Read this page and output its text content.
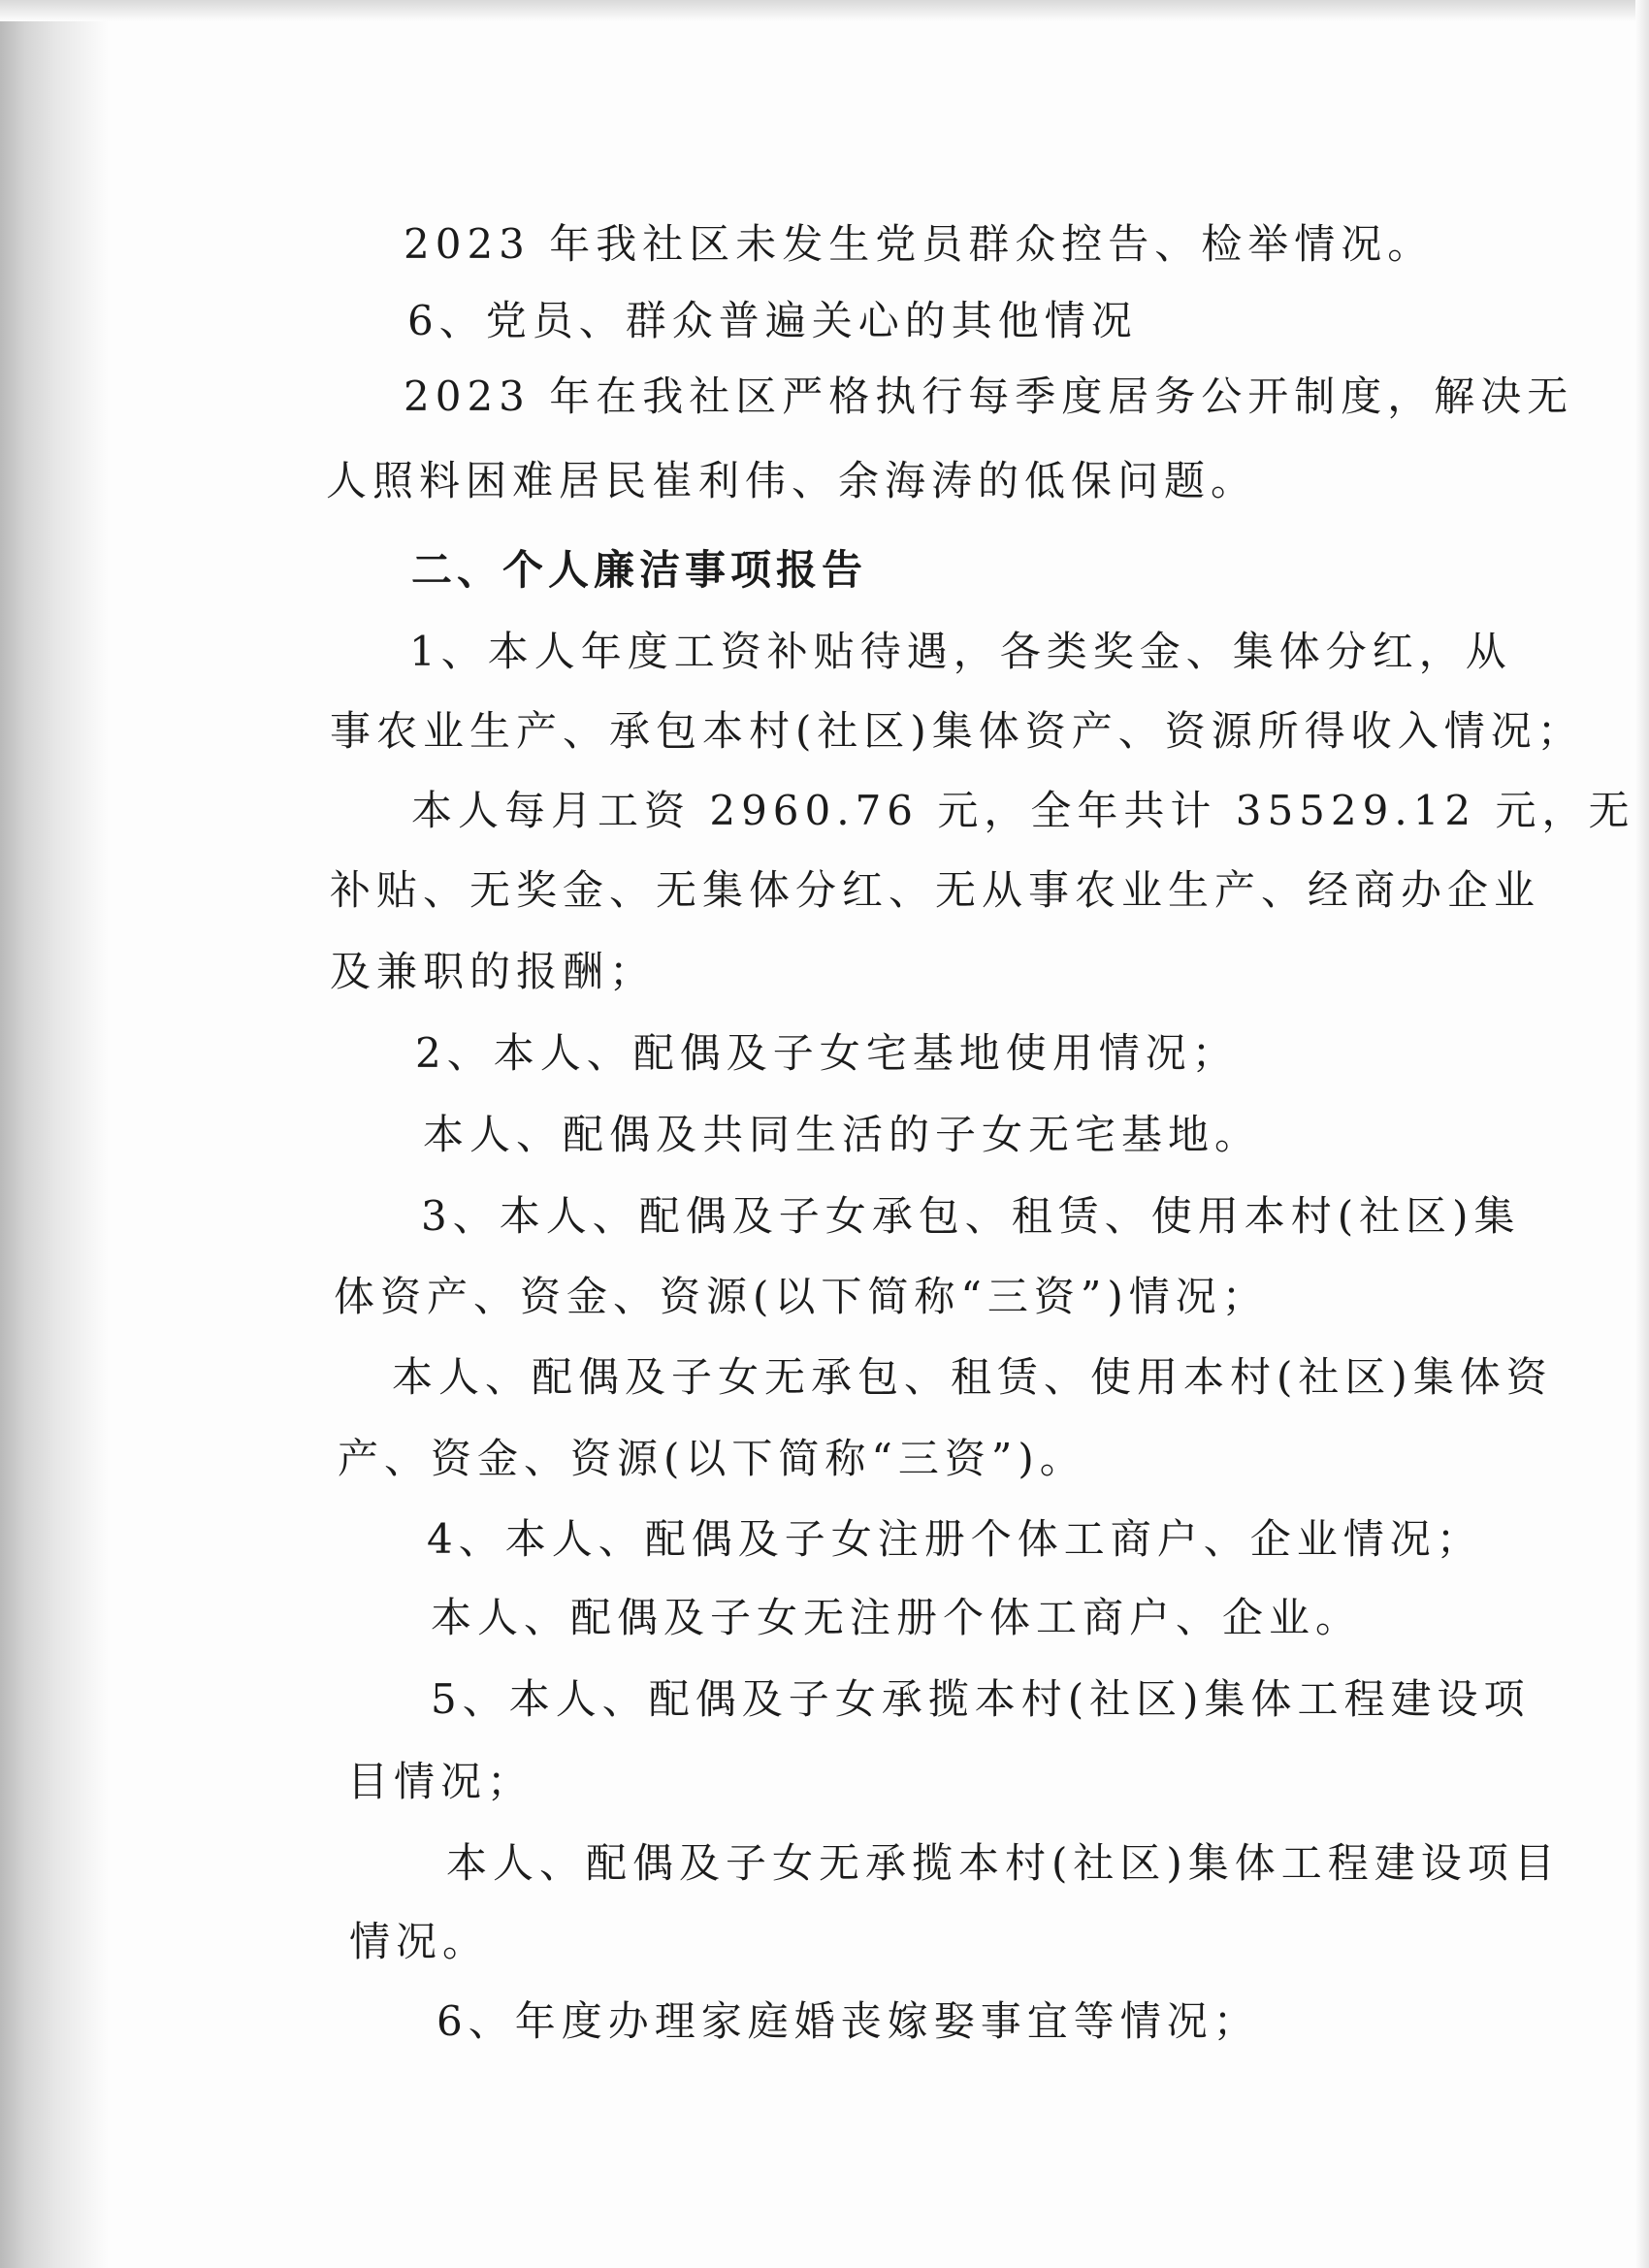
2023 年我社区未发生党员群众控告、检举情况。

6、党员、群众普遍关心的其他情况

2023 年在我社区严格执行每季度居务公开制度，解决无

人照料困难居民崔利伟、余海涛的低保问题。

二、个人廉洁事项报告

1、本人年度工资补贴待遇，各类奖金、集体分红，从

事农业生产、承包本村(社区)集体资产、资源所得收入情况；

本人每月工资 2960.76 元，全年共计 35529.12 元，无

补贴、无奖金、无集体分红、无从事农业生产、经商办企业

及兼职的报酬；

2、本人、配偶及子女宅基地使用情况；

本人、配偶及共同生活的子女无宅基地。

3、本人、配偶及子女承包、租赁、使用本村(社区)集

体资产、资金、资源(以下简称“三资”)情况；

本人、配偶及子女无承包、租赁、使用本村(社区)集体资

产、资金、资源(以下简称“三资”)。

4、本人、配偶及子女注册个体工商户、企业情况；

本人、配偶及子女无注册个体工商户、企业。

5、本人、配偶及子女承揽本村(社区)集体工程建设项

目情况；

本人、配偶及子女无承揽本村(社区)集体工程建设项目

情况。

6、年度办理家庭婚丧嫁娶事宜等情况；
